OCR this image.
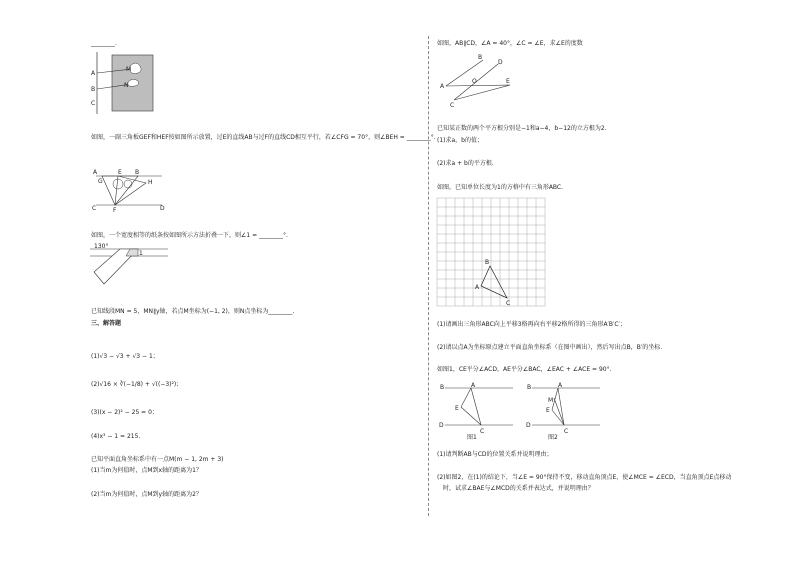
________.
A
B
C
M
N
如图，一副三角板GEF和HEF按如图所示放置，过E的直线AB与过F的直线CD相互平行，若∠CFG = 70°，则∠BEH = ________°.
G
A	B
E
H
C	F	D
如图，一个宽度相等的纸条按如图所示方法折叠一下，则∠1 = ________°.
130°
1
已知线段MN = 5，MN∥y轴，若点M坐标为(−1, 2)，则N点坐标为________.
三、解答题
(1)√3 − √3 + √3 − 1；
(2)√16 × ∛(−1/8) + √((−3)²)；
(3)(x − 2)² − 25 = 0；
(4)x³ − 1 = 215.
已知平面直角坐标系中有一点M(m − 1, 2m + 3)
(1)当m为何值时，点M到x轴的距离为1？
(2)当m为何值时，点M到y轴的距离为2？
如图，AB∥CD，∠A = 40°，∠C = ∠E，求∠E的度数
A
B
C
D
E
O
已知某正数的两个平方根分别是−1和a−4，b−12的立方根为2.
(1)求a，b的值；
(2)求a + b的平方根.
如图，已知单位长度为1的方格中有三角形ABC.
A
B
C
(1)请画出三角形ABC向上平移3格再向右平移2格所得的三角形A′B′C′；
(2)请以点A为坐标原点建立平面直角坐标系（在图中画出），然后写出点B，B′的坐标.
如图1，CE平分∠ACD，AE平分∠BAC，∠EAC + ∠ACE = 90°.
B	A
E
D
C
图1
B	A
M
E
D
C
图2
(1)请判断AB与CD的位置关系并说明理由；
(2)如图2，在(1)的结论下，当∠E = 90°保持不变，移动直角顶点E，使∠MCE = ∠ECD，当直角顶点E点移动
时，试求∠BAE与∠MCD的关系并表达式，并说明理由？
